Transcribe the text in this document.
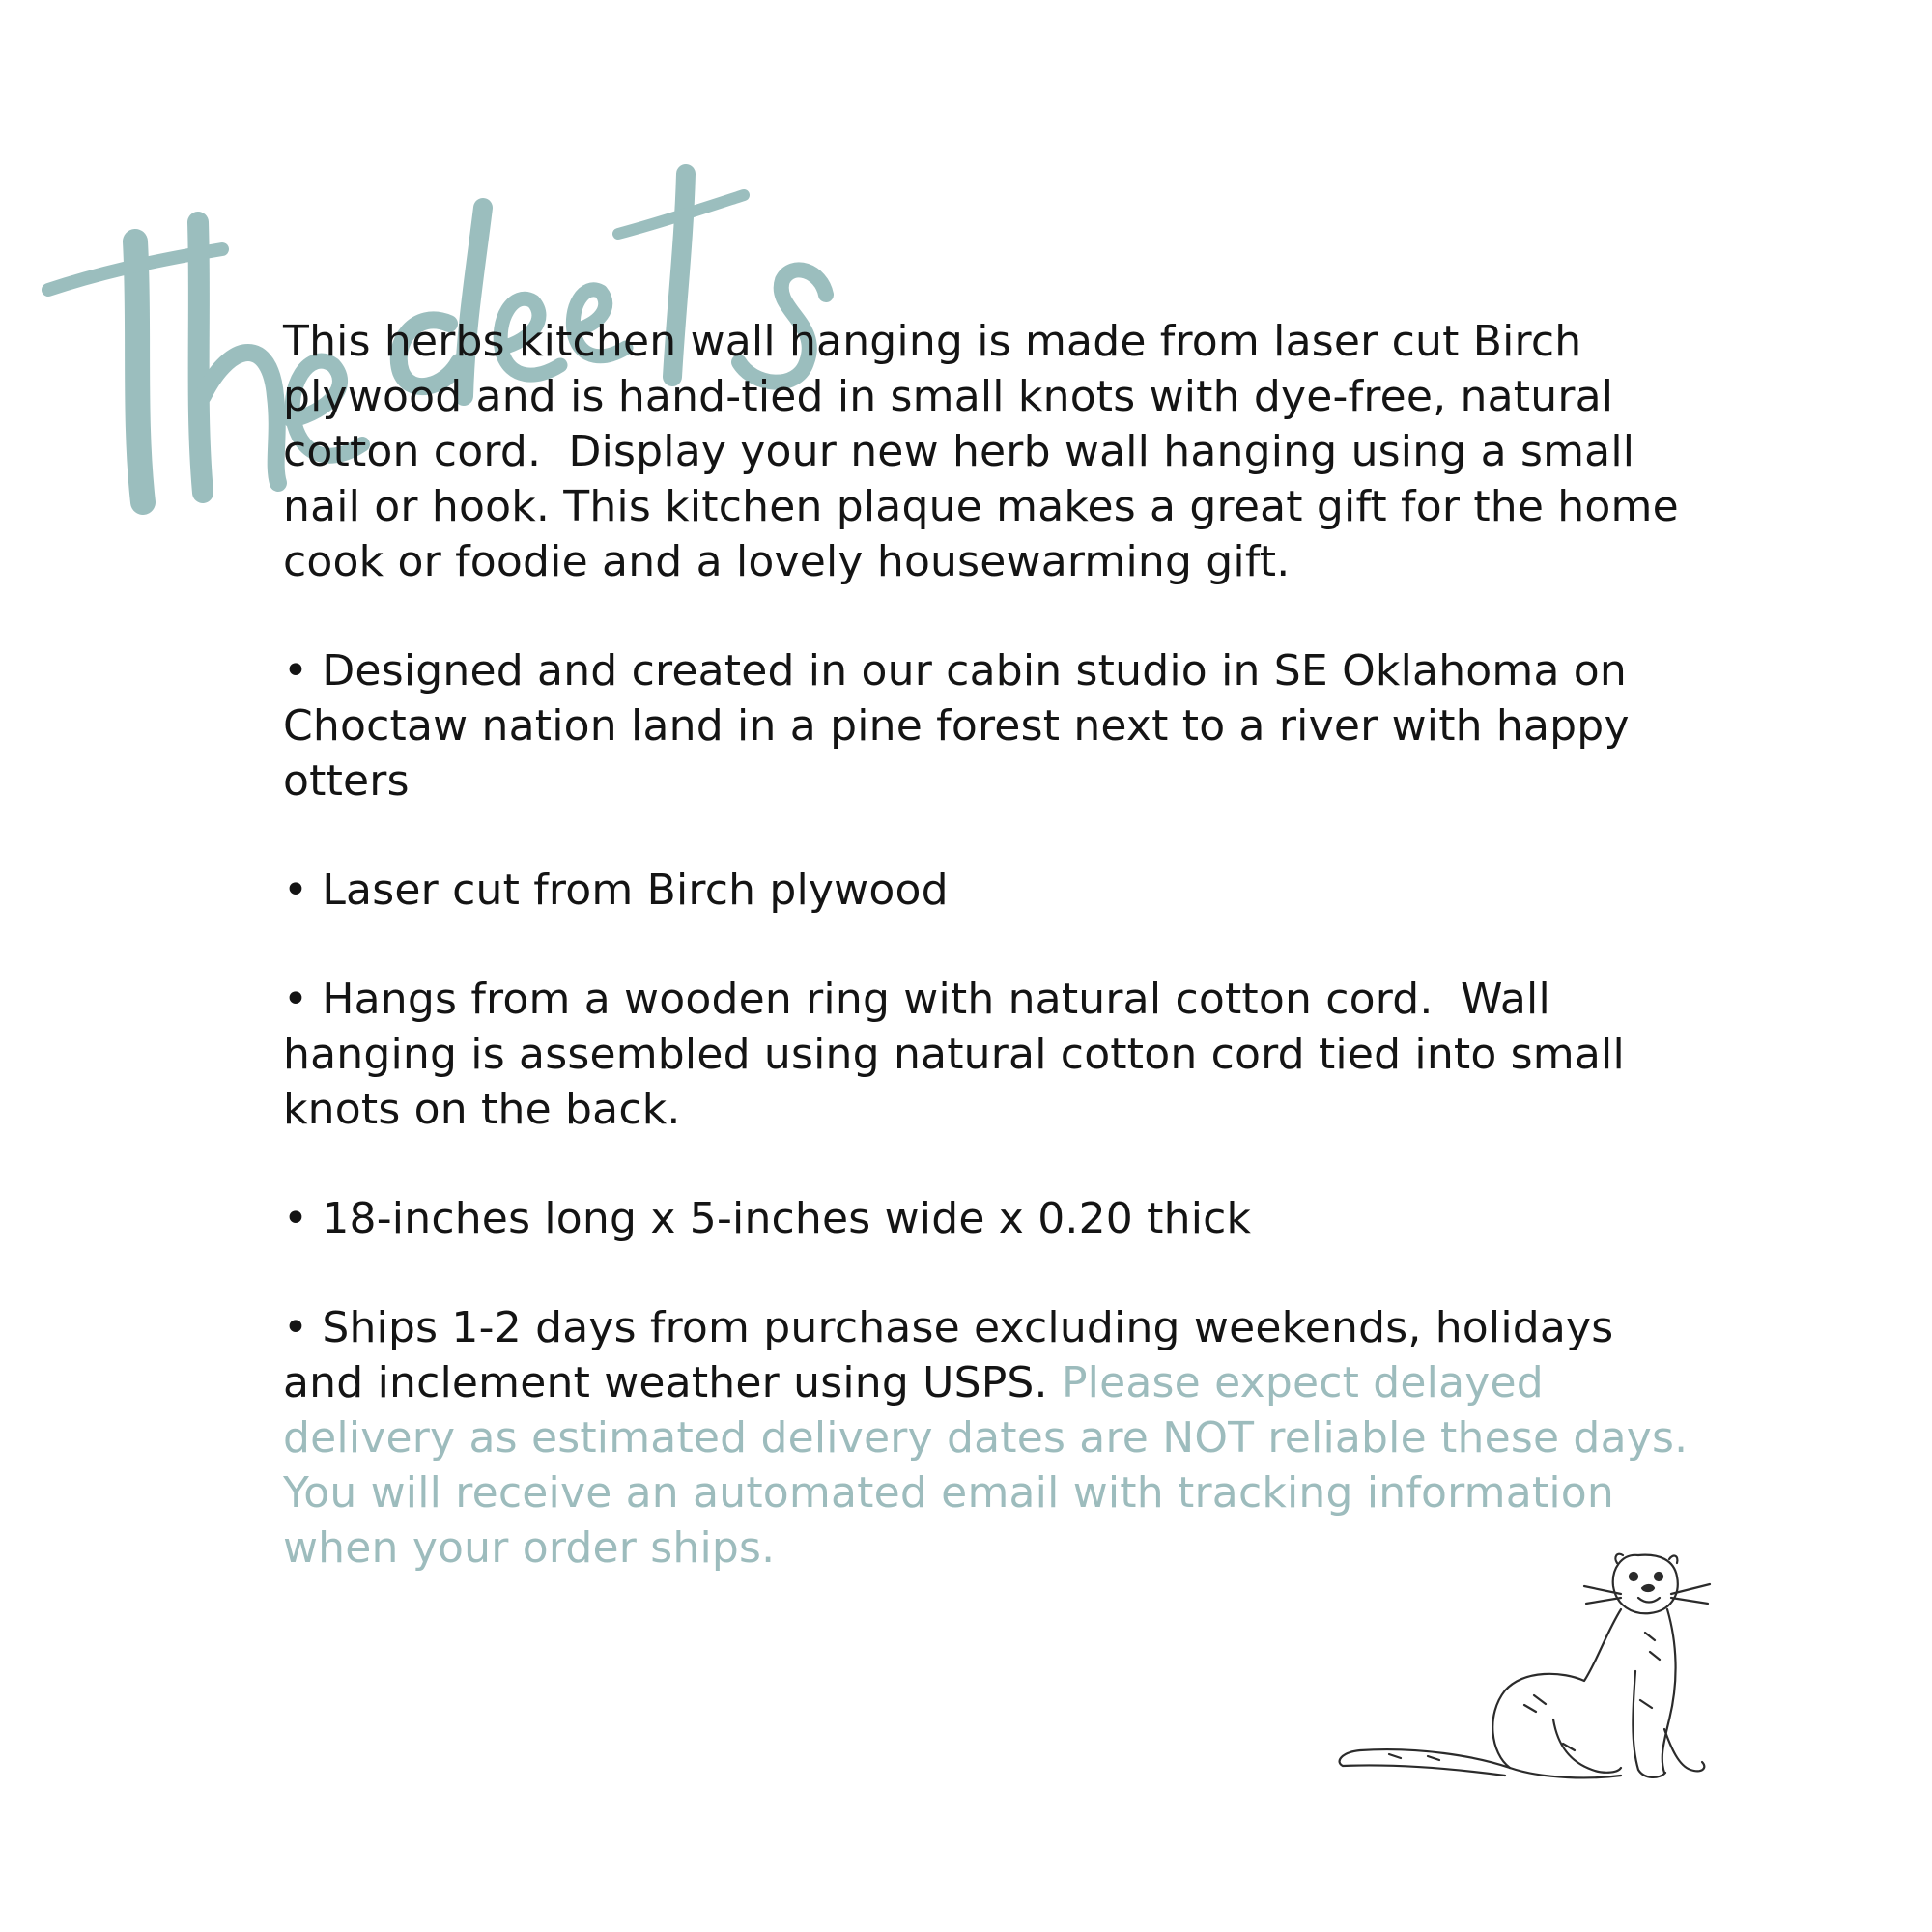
This herbs kitchen wall hanging is made from laser cut Birch plywood and is hand-tied in small knots with dye-free, natural cotton cord.  Display your new herb wall hanging using a small nail or hook. This kitchen plaque makes a great gift for the home cook or foodie and a lovely housewarming gift.

• Designed and created in our cabin studio in SE Oklahoma on Choctaw nation land in a pine forest next to a river with happy otters

• Laser cut from Birch plywood

• Hangs from a wooden ring with natural cotton cord.  Wall hanging is assembled using natural cotton cord tied into small knots on the back.

• 18-inches long x 5-inches wide x 0.20 thick

• Ships 1-2 days from purchase excluding weekends, holidays and inclement weather using USPS. Please expect delayed delivery as estimated delivery dates are NOT reliable these days.  You will receive an automated email with tracking information when your order ships.
